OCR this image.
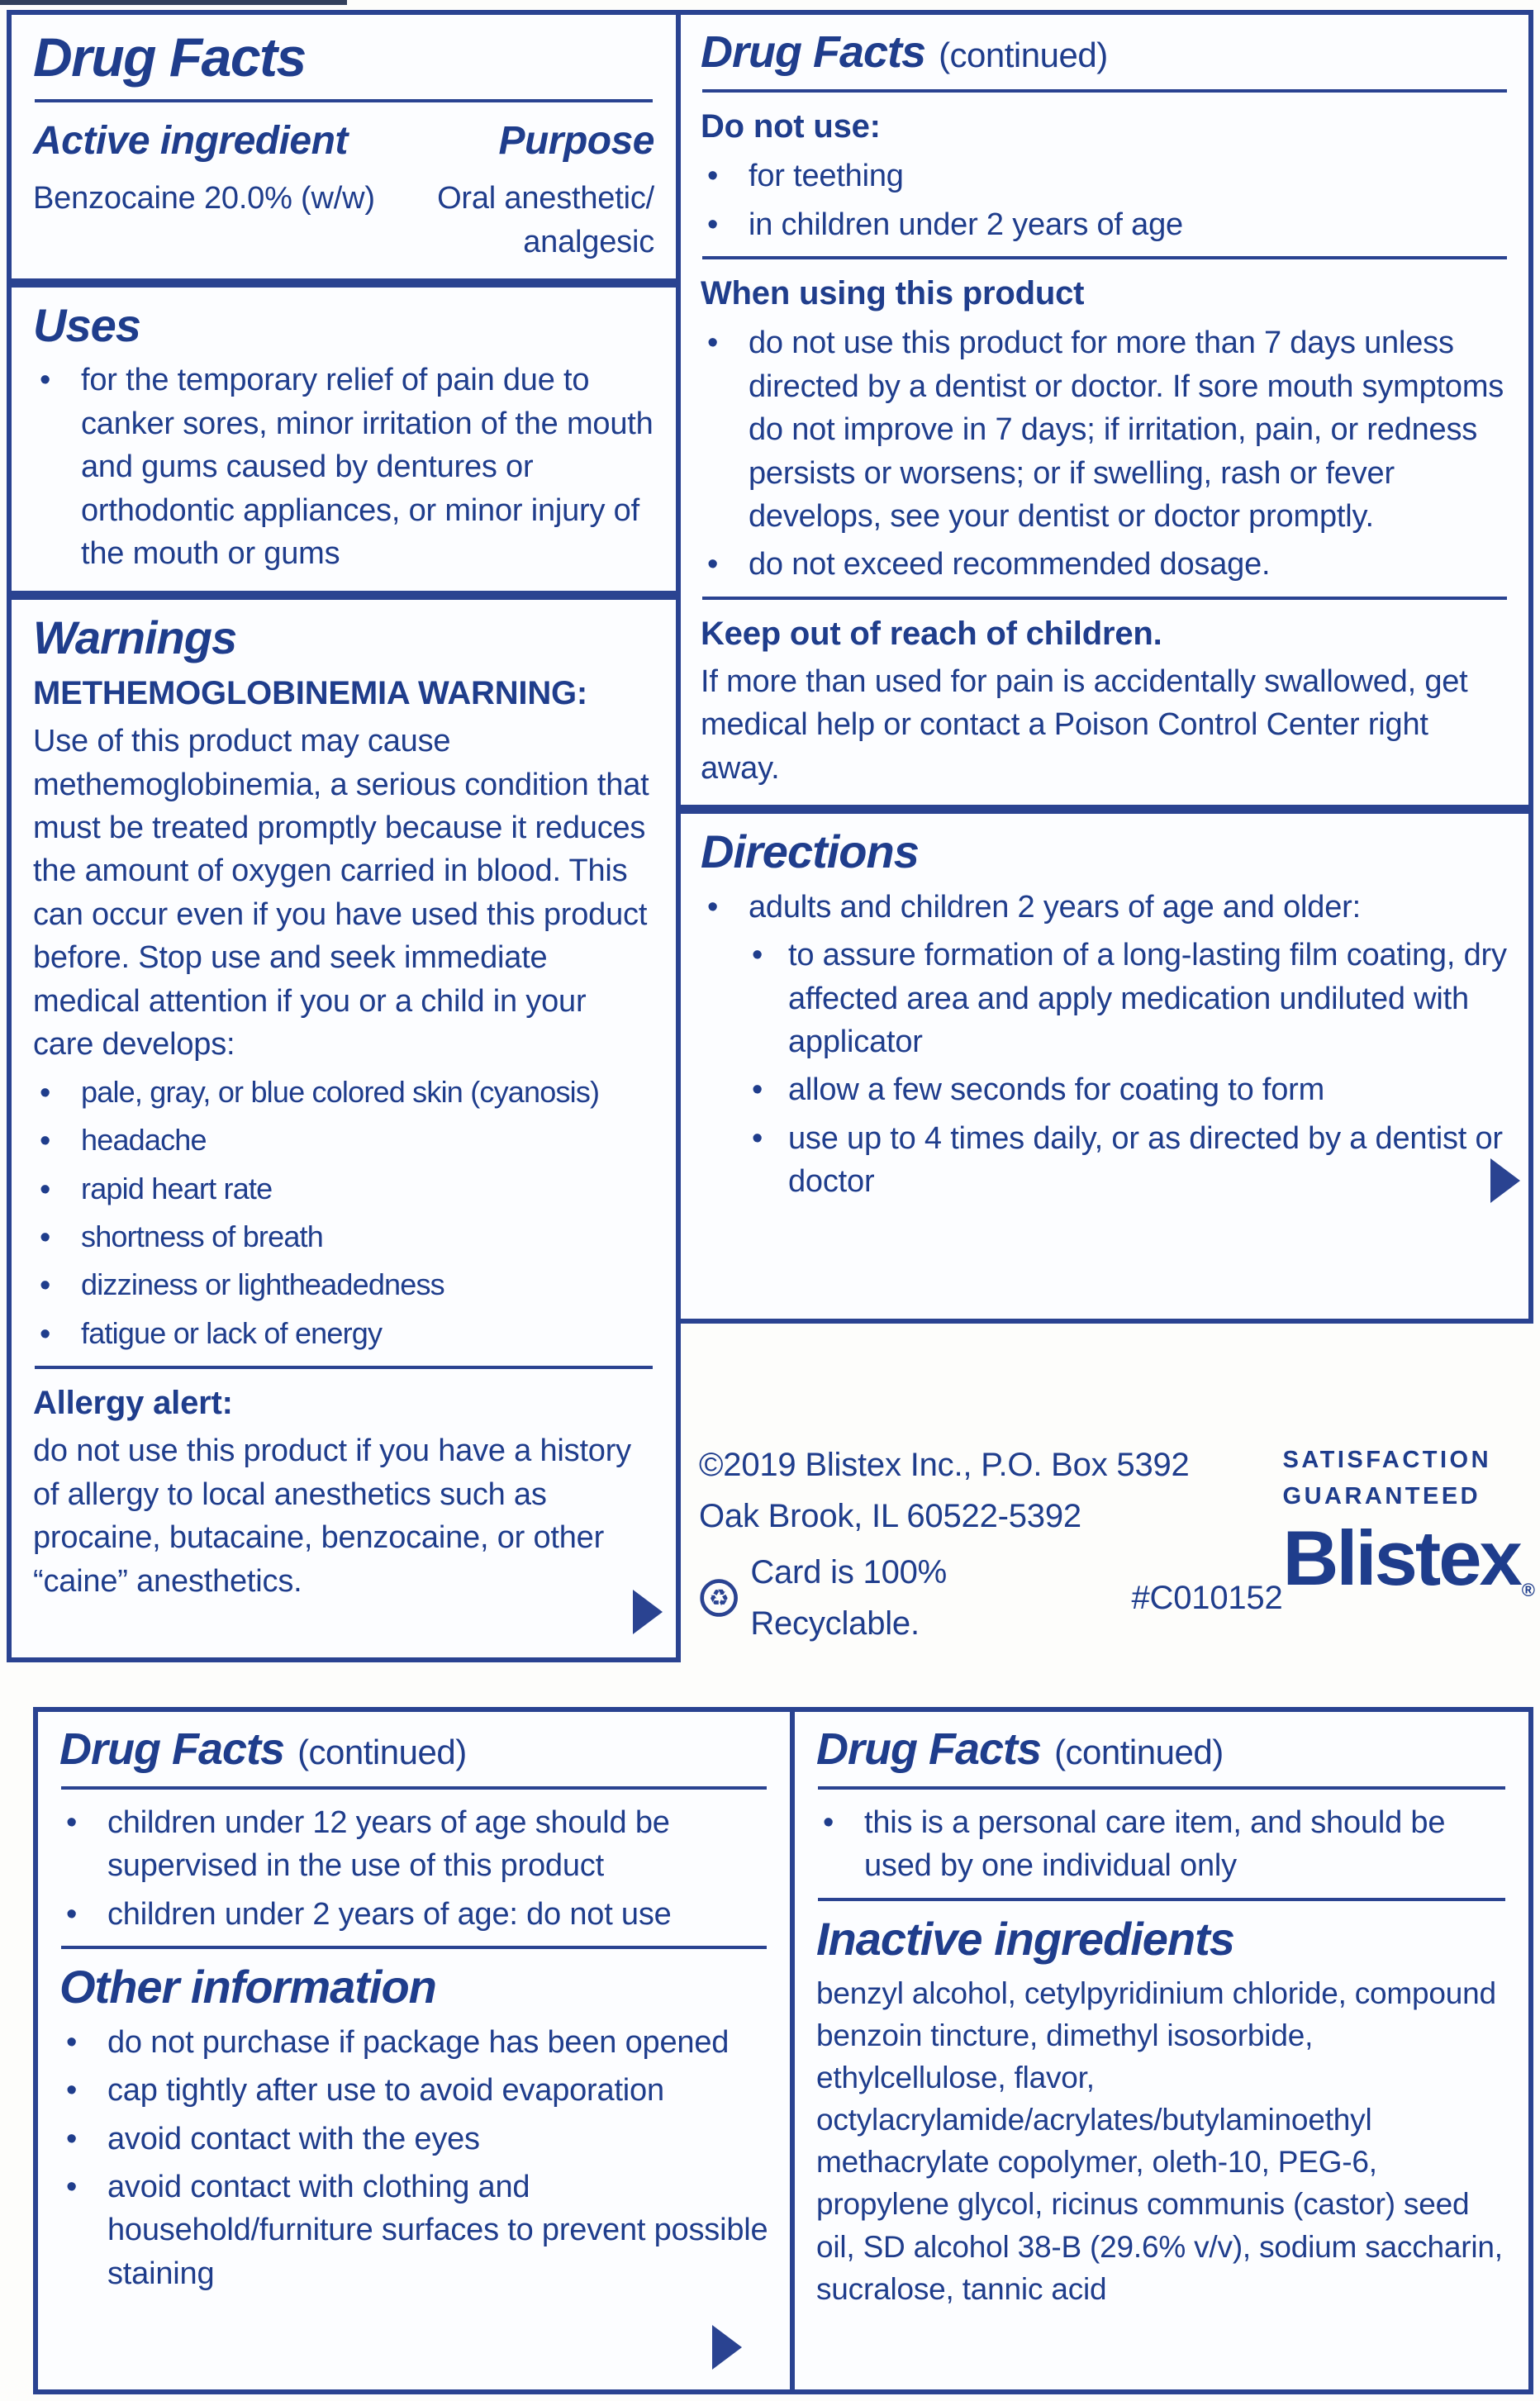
Drug Facts
Active ingredient	Purpose
Benzocaine 20.0% (w/w) Oral anesthetic/
analgesic
Uses
• for the temporary relief of pain due to canker sores, minor irritation of the mouth and gums caused by dentures or orthodontic appliances, or minor injury of the mouth or gums
Warnings
METHEMOGLOBINEMIA WARNING:

Use of this product may cause methemoglobinemia, a serious condition that must be treated promptly because it reduces the amount of oxygen carried in blood. This can occur even if you have used this product before. Stop use and seek immediate medical attention if you or a child in your care develops:

•	pale, gray, or blue colored skin (cyanosis)
•	headache
•	rapid heart rate
•	shortness of breath
•	dizziness or lightheadedness
•	fatigue or lack of energy
Allergy alert:

do not use this product if you have a history of allergy to local anesthetics such as procaine, butacaine, benzocaine, or other “caine” anesthetics.

Drug Facts (continued)
Do not use:
• for teething
• in children under 2 years of age
When using this product
• do not use this product for more than 7 days unless directed by a dentist or doctor. If sore mouth symptoms do not improve in 7 days; if irritation, pain, or redness persists or worsens; or if swelling, rash or fever develops, see your dentist or doctor promptly.
• do not exceed recommended dosage.
Keep out of reach of children.

If more than used for pain is accidentally swallowed, get medical help or contact a Poison Control Center right away.

Directions
• adults and children 2 years of age and older:
• to assure formation of a long-lasting film coating, dry affected area and apply medication undiluted with applicator
• allow a few seconds for coating to form
• use up to 4 times daily, or as directed by a dentist or doctor
©2019 Blistex Inc., P.O. Box 5392
Oak Brook, IL 60522-5392
♻
Card is 100% Recyclable.
#C010152
SATISFACTION
GUARANTEED
Blistex®
Drug Facts (continued)
• children under 12 years of age should be supervised in the use of this product
• children under 2 years of age: do not use
Other information
• do not purchase if package has been opened
• cap tightly after use to avoid evaporation
• avoid contact with the eyes
• avoid contact with clothing and household/furniture surfaces to prevent possible staining
Drug Facts (continued)
• this is a personal care item, and should be used by one individual only
Inactive ingredients

benzyl alcohol, cetylpyridinium chloride, compound benzoin tincture, dimethyl isosorbide, ethylcellulose, flavor, octylacrylamide/acrylates/butylaminoethyl methacrylate copolymer, oleth-10, PEG-6, propylene glycol, ricinus communis (castor) seed oil, SD alcohol 38-B (29.6% v/v), sodium saccharin, sucralose, tannic acid
